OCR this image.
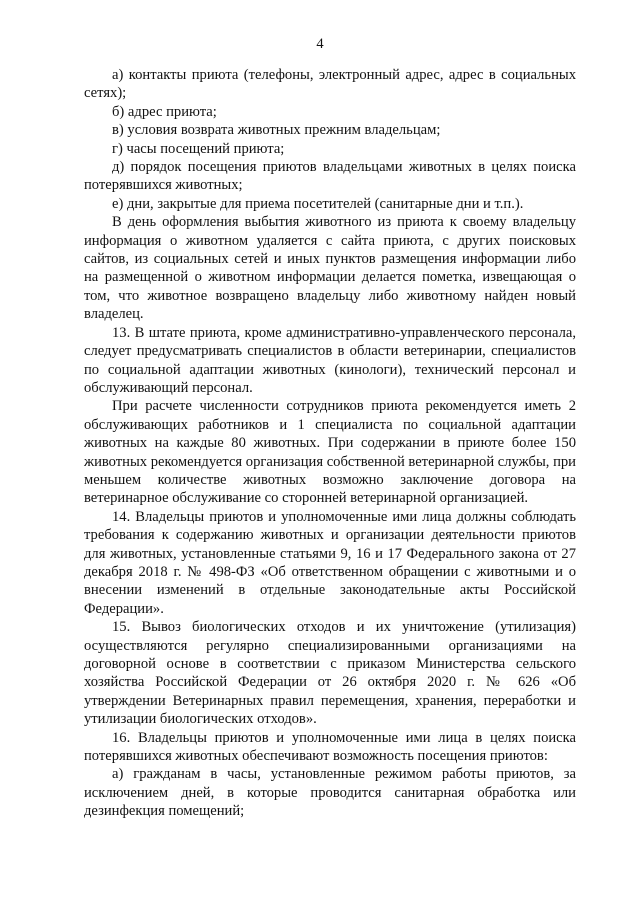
4

а) контакты приюта (телефоны, электронный адрес, адрес в социальных сетях);

б) адрес приюта;

в) условия возврата животных прежним владельцам;

г) часы посещений приюта;

д) порядок посещения приютов владельцами животных в целях поиска потерявшихся животных;

е) дни, закрытые для приема посетителей (санитарные дни и т.п.).

В день оформления выбытия животного из приюта к своему владельцу информация о животном удаляется с сайта приюта, с других поисковых сайтов, из социальных сетей и иных пунктов размещения информации либо на размещенной о животном информации делается пометка, извещающая о том, что животное возвращено владельцу либо животному найден новый владелец.

13. В штате приюта, кроме административно-управленческого персонала, следует предусматривать специалистов в области ветеринарии, специалистов по социальной адаптации животных (кинологи), технический персонал и обслуживающий персонал.

При расчете численности сотрудников приюта рекомендуется иметь 2 обслуживающих работников и 1 специалиста по социальной адаптации животных на каждые 80 животных. При содержании в приюте более 150 животных рекомендуется организация собственной ветеринарной службы, при меньшем количестве животных возможно заключение договора на ветеринарное обслуживание со сторонней ветеринарной организацией.

14. Владельцы приютов и уполномоченные ими лица должны соблюдать требования к содержанию животных и организации деятельности приютов для животных, установленные статьями 9, 16 и 17 Федерального закона от 27 декабря 2018 г. № 498-ФЗ «Об ответственном обращении с животными и о внесении изменений в отдельные законодательные акты Российской Федерации».

15. Вывоз биологических отходов и их уничтожение (утилизация) осуществляются регулярно специализированными организациями на договорной основе в соответствии с приказом Министерства сельского хозяйства Российской Федерации от 26 октября 2020 г. № 626 «Об утверждении Ветеринарных правил перемещения, хранения, переработки и утилизации биологических отходов».

16. Владельцы приютов и уполномоченные ими лица в целях поиска потерявшихся животных обеспечивают возможность посещения приютов:

а) гражданам в часы, установленные режимом работы приютов, за исключением дней, в которые проводится санитарная обработка или дезинфекция помещений;
